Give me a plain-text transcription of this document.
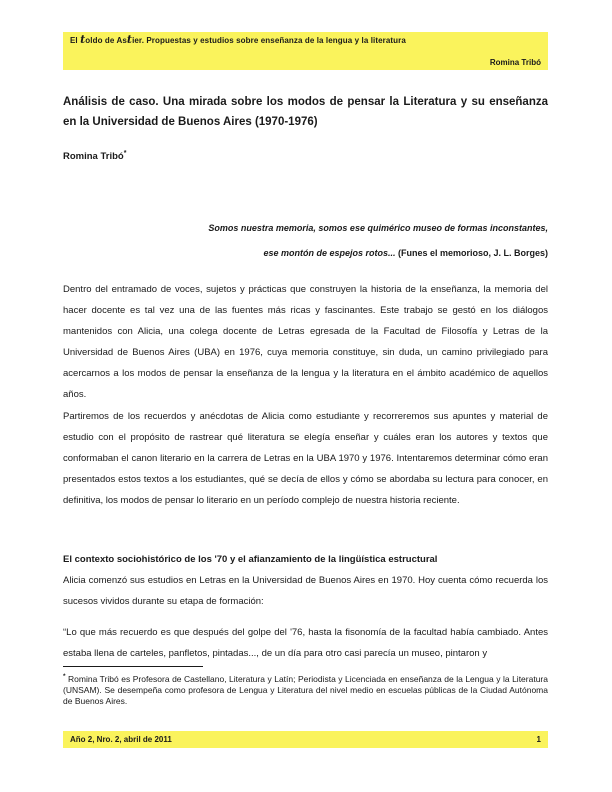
El toldo de Astier. Propuestas y estudios sobre enseñanza de la lengua y la literatura
Romina Tribó
Análisis de caso. Una mirada sobre los modos de pensar la Literatura y su enseñanza en la Universidad de Buenos Aires (1970-1976)
Romina Tribó*
Somos nuestra memoria, somos ese quimérico museo de formas inconstantes,
ese montón de espejos rotos... (Funes el memorioso, J. L. Borges)

Dentro del entramado de voces, sujetos y prácticas que construyen la historia de la enseñanza, la memoria del hacer docente es tal vez una de las fuentes más ricas y fascinantes. Este trabajo se gestó en los diálogos mantenidos con Alicia, una colega docente de Letras egresada de la Facultad de Filosofía y Letras de la Universidad de Buenos Aires (UBA) en 1976, cuya memoria constituye, sin duda, un camino privilegiado para acercarnos a los modos de pensar la enseñanza de la lengua y la literatura en el ámbito académico de aquellos años.

Partiremos de los recuerdos y anécdotas de Alicia como estudiante y recorreremos sus apuntes y material de estudio con el propósito de rastrear qué literatura se elegía enseñar y cuáles eran los autores y textos que conformaban el canon literario en la carrera de Letras en la UBA 1970 y 1976. Intentaremos determinar cómo eran presentados estos textos a los estudiantes, qué se decía de ellos y cómo se abordaba su lectura para conocer, en definitiva, los modos de pensar lo literario en un período complejo de nuestra historia reciente.

El contexto sociohistórico de los '70 y el afianzamiento de la lingüística estructural

Alicia comenzó sus estudios en Letras en la Universidad de Buenos Aires en 1970. Hoy cuenta cómo recuerda los sucesos vividos durante su etapa de formación:

“Lo que más recuerdo es que después del golpe del '76, hasta la fisonomía de la facultad había cambiado. Antes estaba llena de carteles, panfletos, pintadas..., de un día para otro casi parecía un museo, pintaron y

* Romina Tribó es Profesora de Castellano, Literatura y Latín; Periodista y Licenciada en enseñanza de la Lengua y la Literatura (UNSAM). Se desempeña como profesora de Lengua y Literatura del nivel medio en escuelas públicas de la Ciudad Autónoma de Buenos Aires.
Año 2, Nro. 2, abril de 2011	1
